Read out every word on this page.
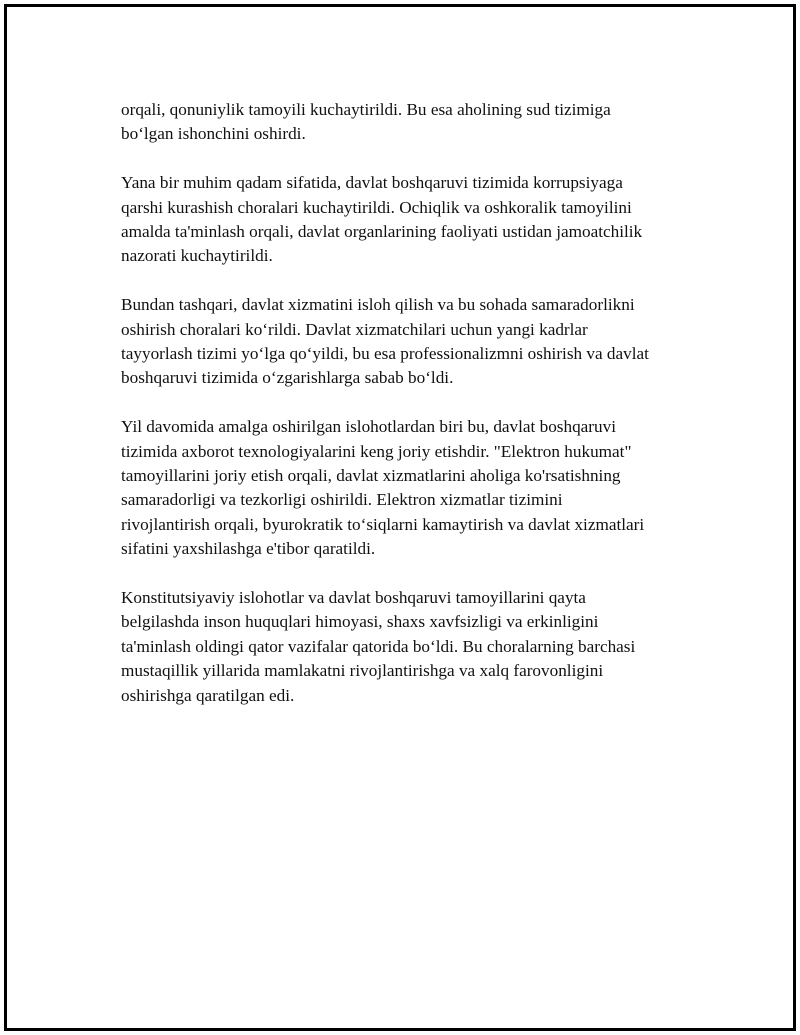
orqali, qonuniylik tamoyili kuchaytirildi. Bu esa aholining sud tizimiga
bo‘lgan ishonchini oshirdi.

Yana bir muhim qadam sifatida, davlat boshqaruvi tizimida korrupsiyaga
qarshi kurashish choralari kuchaytirildi. Ochiqlik va oshkoralik tamoyilini
amalda ta'minlash orqali, davlat organlarining faoliyati ustidan jamoatchilik
nazorati kuchaytirildi.

Bundan tashqari, davlat xizmatini isloh qilish va bu sohada samaradorlikni
oshirish choralari ko‘rildi. Davlat xizmatchilari uchun yangi kadrlar
tayyorlash tizimi yo‘lga qo‘yildi, bu esa professionalizmni oshirish va davlat
boshqaruvi tizimida o‘zgarishlarga sabab bo‘ldi.

Yil davomida amalga oshirilgan islohotlardan biri bu, davlat boshqaruvi
tizimida axborot texnologiyalarini keng joriy etishdir. "Elektron hukumat"
tamoyillarini joriy etish orqali, davlat xizmatlarini aholiga ko'rsatishning
samaradorligi va tezkorligi oshirildi. Elektron xizmatlar tizimini
rivojlantirish orqali, byurokratik to‘siqlarni kamaytirish va davlat xizmatlari
sifatini yaxshilashga e'tibor qaratildi.

Konstitutsiyaviy islohotlar va davlat boshqaruvi tamoyillarini qayta
belgilashda inson huquqlari himoyasi, shaxs xavfsizligi va erkinligini
ta'minlash oldingi qator vazifalar qatorida bo‘ldi. Bu choralarning barchasi
mustaqillik yillarida mamlakatni rivojlantirishga va xalq farovonligini
oshirishga qaratilgan edi.
